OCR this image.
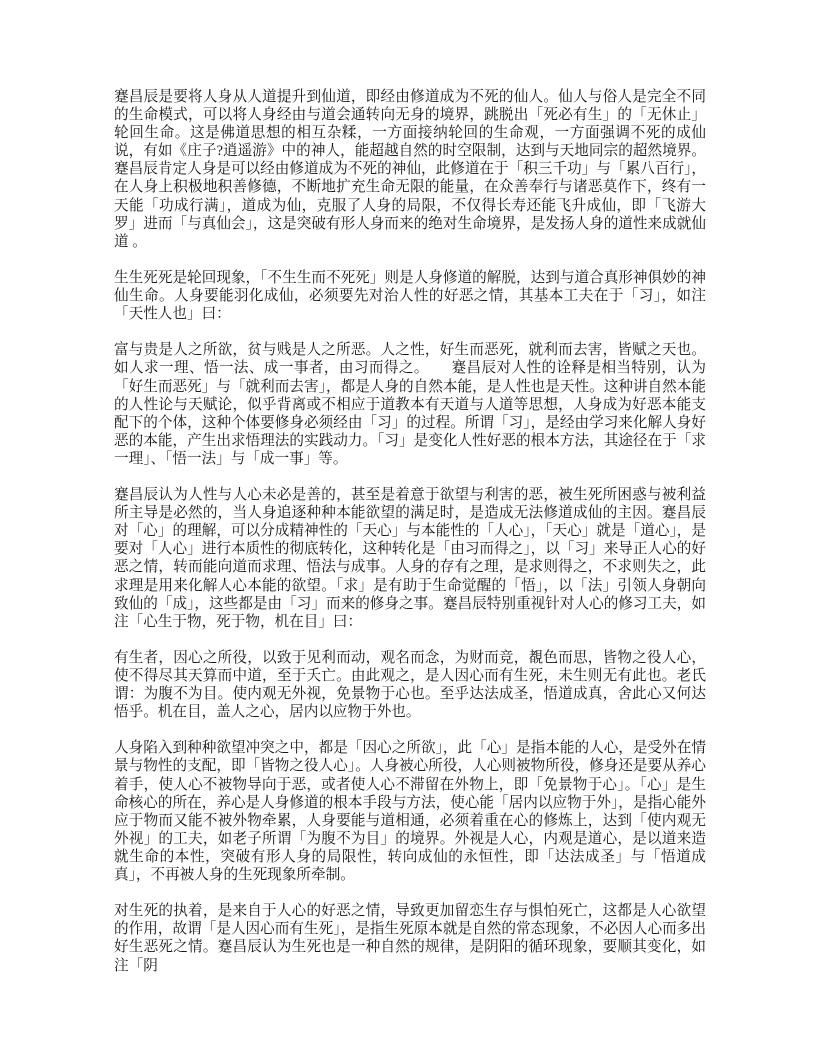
蹇昌辰是要将人身从人道提升到仙道，即经由修道成为不死的仙人。仙人与俗人是完全不同的生命模式，可以将人身经由与道会通转向无身的境界，跳脱出「死必有生」的「无休止」轮回生命。这是佛道思想的相互杂糅，一方面接纳轮回的生命观，一方面强调不死的成仙说，有如《庄子?逍遥游》中的神人，能超越自然的时空限制，达到与天地同宗的超然境界。蹇昌辰肯定人身是可以经由修道成为不死的神仙，此修道在于「积三千功」与「累八百行」，在人身上积极地积善修德，不断地扩充生命无限的能量，在众善奉行与诸恶莫作下，终有一天能「功成行满」，道成为仙，克服了人身的局限，不仅得长寿还能飞升成仙，即「飞游大罗」进而「与真仙会」，这是突破有形人身而来的绝对生命境界，是发扬人身的道性来成就仙道 。

生生死死是轮回现象，「不生生而不死死」则是人身修道的解脱，达到与道合真形神俱妙的神仙生命。人身要能羽化成仙，必须要先对治人性的好恶之情，其基本工夫在于「习」，如注「天性人也」曰：

富与贵是人之所欲，贫与贱是人之所恶。人之性，好生而恶死，就利而去害，皆赋之天也。如人求一理、悟一法、成一事者，由习而得之。　　蹇昌辰对人性的诠释是相当特别，认为「好生而恶死」与「就利而去害」，都是人身的自然本能，是人性也是天性。这种讲自然本能的人性论与天赋论，似乎背离或不相应于道教本有天道与人道等思想，人身成为好恶本能支配下的个体，这种个体要修身必须经由「习」的过程。所谓「习」，是经由学习来化解人身好恶的本能，产生出求悟理法的实践动力。「习」是变化人性好恶的根本方法，其途径在于「求一理」、「悟一法」与「成一事」等。

蹇昌辰认为人性与人心未必是善的，甚至是着意于欲望与利害的恶，被生死所困惑与被利益所主导是必然的，当人身追逐种种本能欲望的满足时，是造成无法修道成仙的主因。蹇昌辰对「心」的理解，可以分成精神性的「天心」与本能性的「人心」，「天心」就是「道心」，是要对「人心」进行本质性的彻底转化，这种转化是「由习而得之」，以「习」来导正人心的好恶之情，转而能向道而求理、悟法与成事。人身的存有之理，是求则得之，不求则失之，此求理是用来化解人心本能的欲望。「求」是有助于生命觉醒的「悟」，以「法」引领人身朝向致仙的「成」，这些都是由「习」而来的修身之事。蹇昌辰特别重视针对人心的修习工夫，如注「心生于物，死于物，机在目」曰：

有生者，因心之所役，以致于见利而动，观名而念，为财而竞，覩色而思，皆物之役人心，使不得尽其天算而中道，至于夭亡。由此观之，是人因心而有生死，未生则无有此也。老氏谓：为腹不为目。使内观无外视，免景物于心也。至乎达法成圣，悟道成真，舍此心又何达悟乎。机在目，盖人之心，居内以应物于外也。

人身陷入到种种欲望冲突之中，都是「因心之所欲」，此「心」是指本能的人心，是受外在情景与物性的支配，即「皆物之役人心」。人身被心所役，人心则被物所役，修身还是要从养心着手，使人心不被物导向于恶，或者使人心不滞留在外物上，即「免景物于心」。「心」是生命核心的所在，养心是人身修道的根本手段与方法，使心能「居内以应物于外」，是指心能外应于物而又能不被外物牵累，人身要能与道相通，必须着重在心的修炼上，达到「使内观无外视」的工夫，如老子所谓「为腹不为目」的境界。外视是人心，内观是道心，是以道来造就生命的本性，突破有形人身的局限性，转向成仙的永恒性，即「达法成圣」与「悟道成真」，不再被人身的生死现象所牵制。

对生死的执着，是来自于人心的好恶之情，导致更加留恋生存与惧怕死亡，这都是人心欲望的作用，故谓「是人因心而有生死」，是指生死原本就是自然的常态现象，不必因人心而多出好生恶死之情。蹇昌辰认为生死也是一种自然的规律，是阴阳的循环现象，要顺其变化，如注「阴
